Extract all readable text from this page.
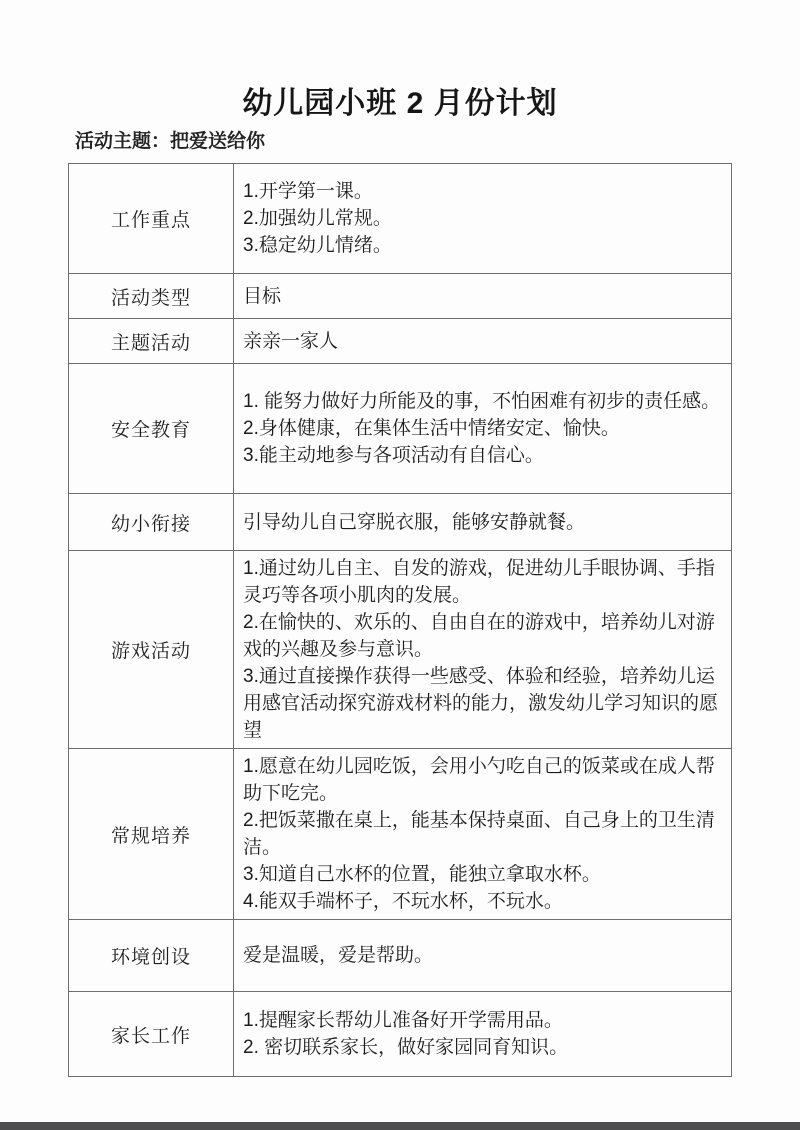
幼儿园小班 2 月份计划
活动主题：把爱送给你
工作重点	1.开学第一课。

2.加强幼儿常规。

3.稳定幼儿情绪。

活动类型	目标

主题活动	亲亲一家人

安全教育	1. 能努力做好力所能及的事，不怕困难有初步的责任感。

2.身体健康，在集体生活中情绪安定、愉快。

3.能主动地参与各项活动有自信心。

幼小衔接	引导幼儿自己穿脱衣服，能够安静就餐。

游戏活动	1.通过幼儿自主、自发的游戏，促进幼儿手眼协调、手指灵巧等各项小肌肉的发展。

2.在愉快的、欢乐的、自由自在的游戏中，培养幼儿对游戏的兴趣及参与意识。

3.通过直接操作获得一些感受、体验和经验，培养幼儿运用感官活动探究游戏材料的能力，激发幼儿学习知识的愿望

常规培养	1.愿意在幼儿园吃饭，会用小勺吃自己的饭菜或在成人帮助下吃完。

2.把饭菜撒在桌上，能基本保持桌面、自己身上的卫生清洁。

3.知道自己水杯的位置，能独立拿取水杯。

4.能双手端杯子，不玩水杯，不玩水。

环境创设	爱是温暖，爱是帮助。

家长工作	1.提醒家长帮幼儿准备好开学需用品。

2. 密切联系家长，做好家园同育知识。
